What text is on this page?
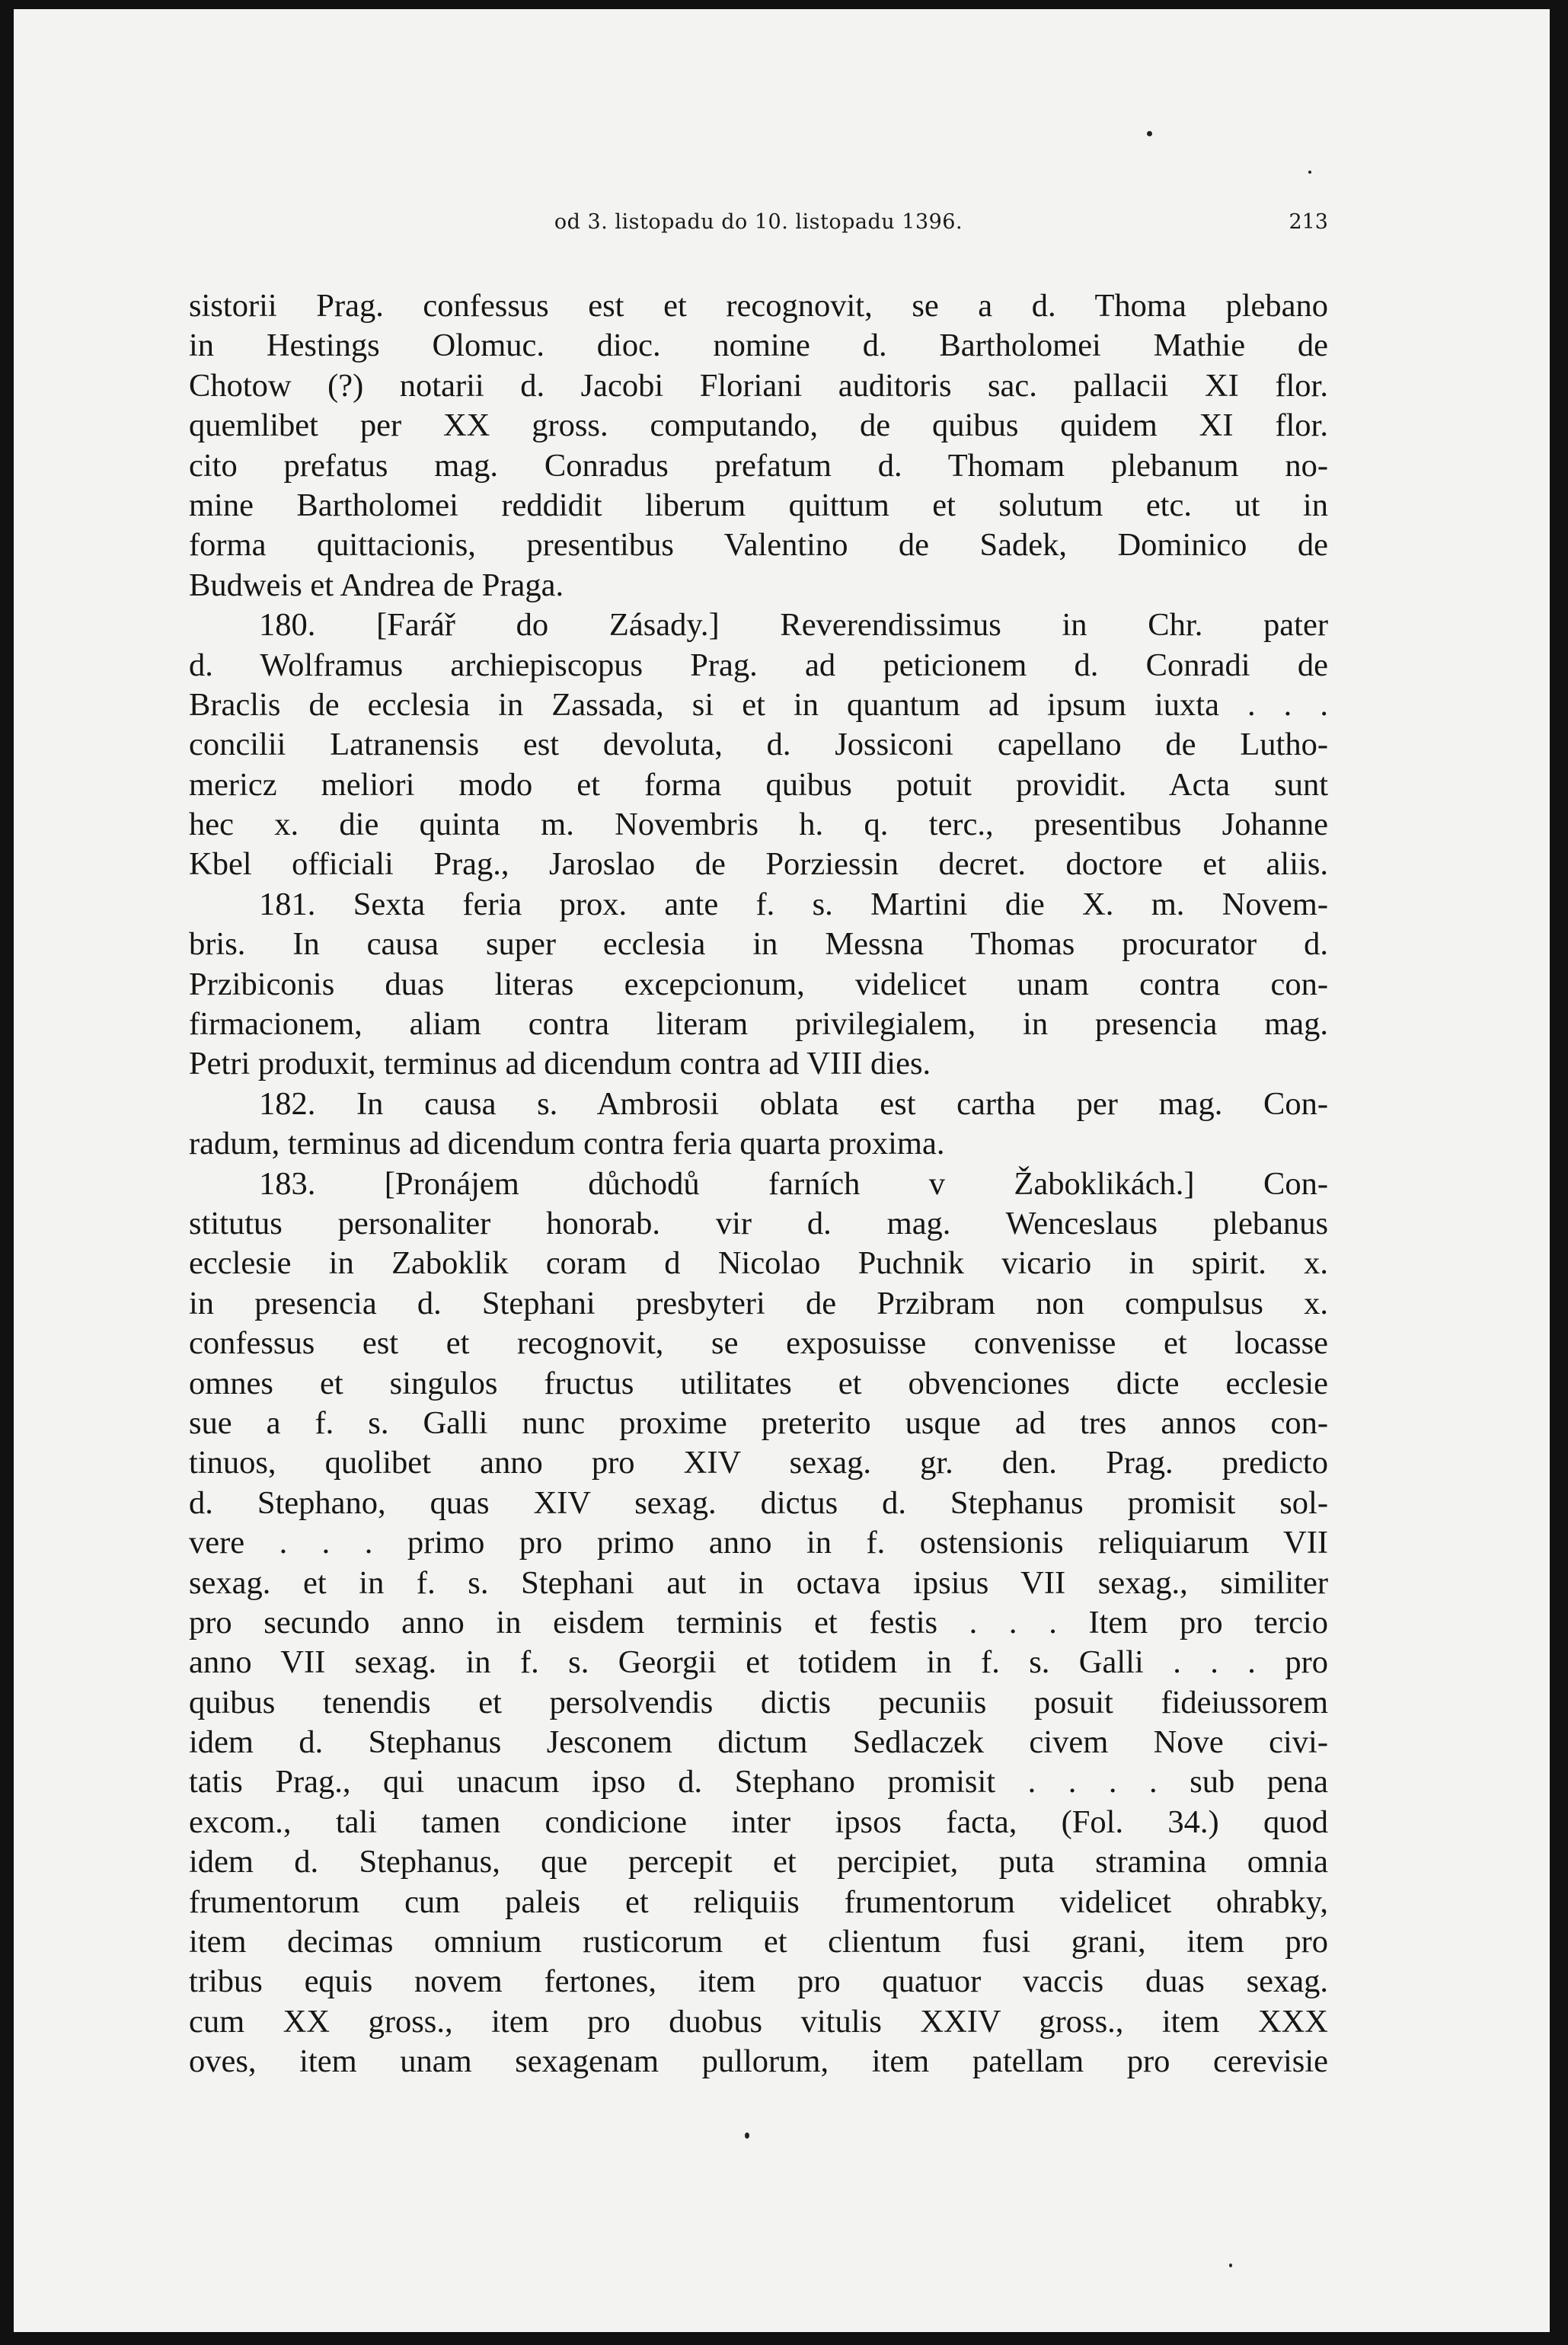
od 3. listopadu do 10. listopadu 1396.	213
sistorii Prag. confessus est et recognovit, se a d. Thoma plebano
in Hestings Olomuc. dioc. nomine d. Bartholomei Mathie de
Chotow (?) notarii d. Jacobi Floriani auditoris sac. pallacii XI flor.
quemlibet per XX gross. computando, de quibus quidem XI flor.
cito prefatus mag. Conradus prefatum d. Thomam plebanum no-
mine Bartholomei reddidit liberum quittum et solutum etc. ut in
forma quittacionis, presentibus Valentino de Sadek, Dominico de
Budweis et Andrea de Praga.
180. [Farář do Zásady.] Reverendissimus in Chr. pater
d. Wolframus archiepiscopus Prag. ad peticionem d. Conradi de
Braclis de ecclesia in Zassada, si et in quantum ad ipsum iuxta . . .
concilii Latranensis est devoluta, d. Jossiconi capellano de Lutho-
mericz meliori modo et forma quibus potuit providit. Acta sunt
hec x. die quinta m. Novembris h. q. terc., presentibus Johanne
Kbel officiali Prag., Jaroslao de Porziessin decret. doctore et aliis.
181. Sexta feria prox. ante f. s. Martini die X. m. Novem-
bris. In causa super ecclesia in Messna Thomas procurator d.
Przibiconis duas literas excepcionum, videlicet unam contra con-
firmacionem, aliam contra literam privilegialem, in presencia mag.
Petri produxit, terminus ad dicendum contra ad VIII dies.
182. In causa s. Ambrosii oblata est cartha per mag. Con-
radum, terminus ad dicendum contra feria quarta proxima.
183. [Pronájem důchodů farních v Žaboklikách.] Con-
stitutus personaliter honorab. vir d. mag. Wenceslaus plebanus
ecclesie in Zaboklik coram d Nicolao Puchnik vicario in spirit. x.
in presencia d. Stephani presbyteri de Przibram non compulsus x.
confessus est et recognovit, se exposuisse convenisse et locasse
omnes et singulos fructus utilitates et obvenciones dicte ecclesie
sue a f. s. Galli nunc proxime preterito usque ad tres annos con-
tinuos, quolibet anno pro XIV sexag. gr. den. Prag. predicto
d. Stephano, quas XIV sexag. dictus d. Stephanus promisit sol-
vere . . . primo pro primo anno in f. ostensionis reliquiarum VII
sexag. et in f. s. Stephani aut in octava ipsius VII sexag., similiter
pro secundo anno in eisdem terminis et festis . . . Item pro tercio
anno VII sexag. in f. s. Georgii et totidem in f. s. Galli . . . pro
quibus tenendis et persolvendis dictis pecuniis posuit fideiussorem
idem d. Stephanus Jesconem dictum Sedlaczek civem Nove civi-
tatis Prag., qui unacum ipso d. Stephano promisit . . . . sub pena
excom., tali tamen condicione inter ipsos facta, (Fol. 34.) quod
idem d. Stephanus, que percepit et percipiet, puta stramina omnia
frumentorum cum paleis et reliquiis frumentorum videlicet ohrabky,
item decimas omnium rusticorum et clientum fusi grani, item pro
tribus equis novem fertones, item pro quatuor vaccis duas sexag.
cum XX gross., item pro duobus vitulis XXIV gross., item XXX
oves, item unam sexagenam pullorum, item patellam pro cerevisie
